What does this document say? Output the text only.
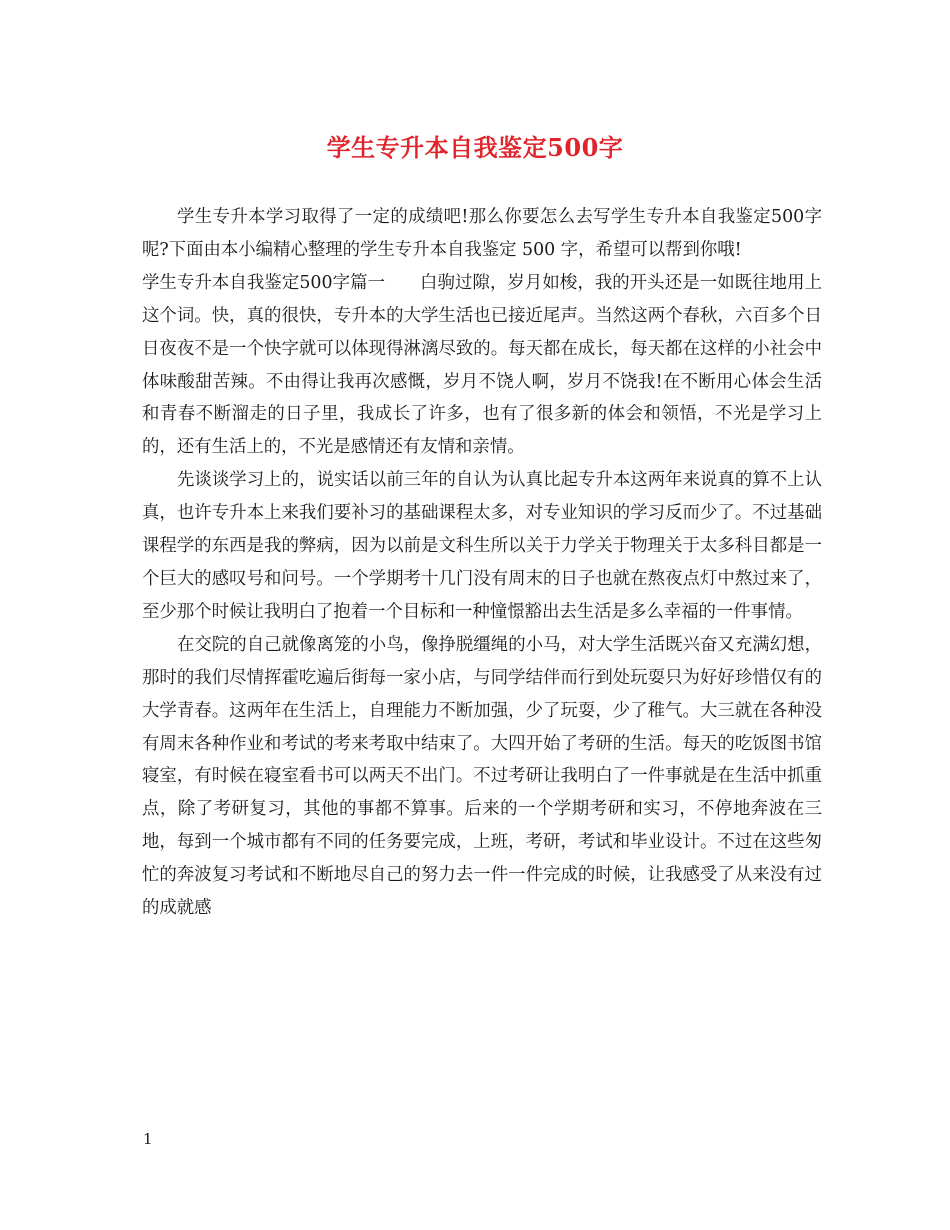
学生专升本自我鉴定500字

学生专升本学习取得了一定的成绩吧!那么你要怎么去写学生专升本自我鉴定500字呢?下面由本小编精心整理的学生专升本自我鉴定 500 字，希望可以帮到你哦!

学生专升本自我鉴定500字篇一　　白驹过隙，岁月如梭，我的开头还是一如既往地用上这个词。快，真的很快，专升本的大学生活也已接近尾声。当然这两个春秋，六百多个日日夜夜不是一个快字就可以体现得淋漓尽致的。每天都在成长，每天都在这样的小社会中体味酸甜苦辣。不由得让我再次感慨，岁月不饶人啊，岁月不饶我!在不断用心体会生活和青春不断溜走的日子里，我成长了许多，也有了很多新的体会和领悟，不光是学习上的，还有生活上的，不光是感情还有友情和亲情。

先谈谈学习上的，说实话以前三年的自认为认真比起专升本这两年来说真的算不上认真，也许专升本上来我们要补习的基础课程太多，对专业知识的学习反而少了。不过基础课程学的东西是我的弊病，因为以前是文科生所以关于力学关于物理关于太多科目都是一个巨大的感叹号和问号。一个学期考十几门没有周末的日子也就在熬夜点灯中熬过来了，至少那个时候让我明白了抱着一个目标和一种憧憬豁出去生活是多么幸福的一件事情。

在交院的自己就像离笼的小鸟，像挣脱缰绳的小马，对大学生活既兴奋又充满幻想，那时的我们尽情挥霍吃遍后街每一家小店，与同学结伴而行到处玩耍只为好好珍惜仅有的大学青春。这两年在生活上，自理能力不断加强，少了玩耍，少了稚气。大三就在各种没有周末各种作业和考试的考来考取中结束了。大四开始了考研的生活。每天的吃饭图书馆寝室，有时候在寝室看书可以两天不出门。不过考研让我明白了一件事就是在生活中抓重点，除了考研复习，其他的事都不算事。后来的一个学期考研和实习，不停地奔波在三地，每到一个城市都有不同的任务要完成，上班，考研，考试和毕业设计。不过在这些匆忙的奔波复习考试和不断地尽自己的努力去一件一件完成的时候，让我感受了从来没有过的成就感

1
